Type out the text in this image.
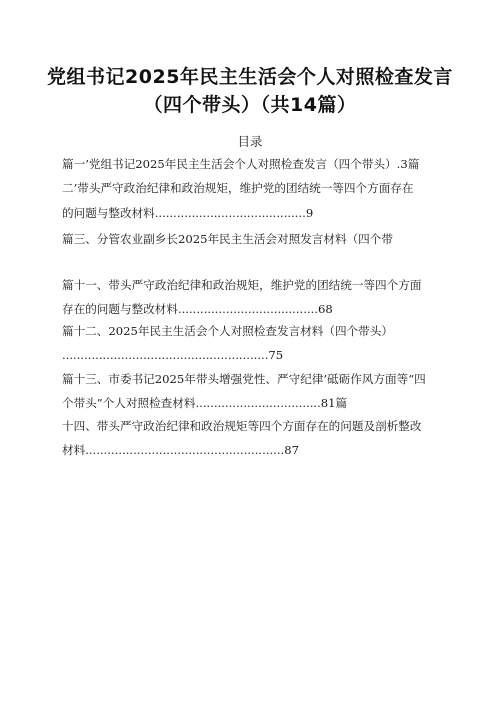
党组书记2025年民主生活会个人对照检查发言
（四个带头）（共14篇）
目录
篇一’党组书记2025年民主生活会个人对照检查发言（四个带头）.3篇
二’带头严守政治纪律和政治规矩，维护党的团结统一等四个方面存在
的问题与整改材料.........................................9
篇三、分管农业副乡长2025年民主生活会对照发言材料（四个带
篇十一、带头严守政治纪律和政治规矩，维护党的团结统一等四个方面
存在的问题与整改材料......................................68
篇十二、2025年民主生活会个人对照检查发言材料（四个带头）
........................................................75
篇十三、市委书记2025年带头增强党性、严守纪律’砥砺作风方面等“四
个带头”个人对照检查材料..................................81篇
十四、带头严守政治纪律和政治规矩等四个方面存在的问题及剖析整改
材料......................................................87
